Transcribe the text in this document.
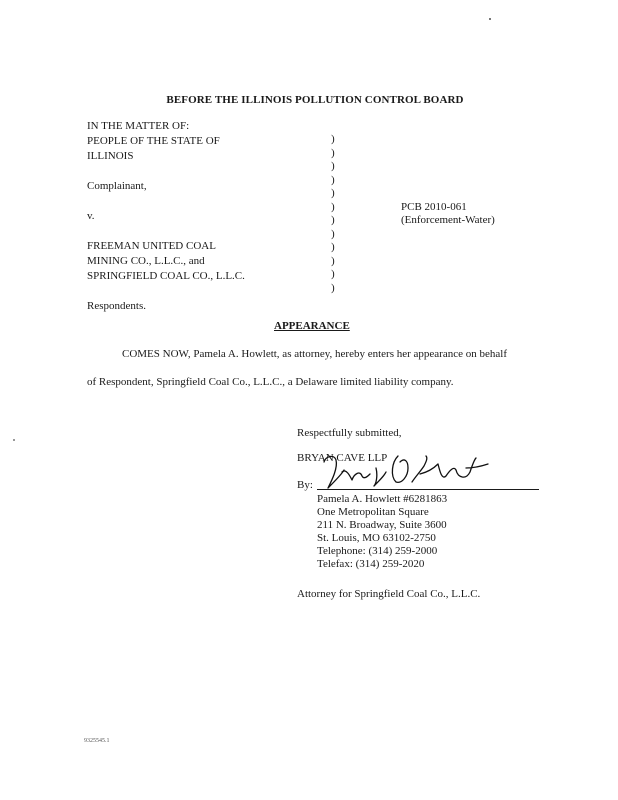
BEFORE THE ILLINOIS POLLUTION CONTROL BOARD
IN THE MATTER OF:
PEOPLE OF THE STATE OF
ILLINOIS
Complainant,
v.
FREEMAN UNITED COAL
MINING CO., L.L.C., and
SPRINGFIELD COAL CO., L.L.C.
Respondents.
)
)
)
)
)
)
)
)
)
)
)
)
PCB 2010-061
(Enforcement-Water)
APPEARANCE
COMES NOW, Pamela A. Howlett, as attorney, hereby enters her appearance on behalf
of Respondent, Springfield Coal Co., L.L.C., a Delaware limited liability company.
Respectfully submitted,
BRYAN CAVE LLP
By:
Pamela A. Howlett #6281863
One Metropolitan Square
211 N. Broadway, Suite 3600
St. Louis, MO 63102-2750
Telephone: (314) 259-2000
Telefax: (314) 259-2020
Attorney for Springfield Coal Co., L.L.C.
9325545.1
